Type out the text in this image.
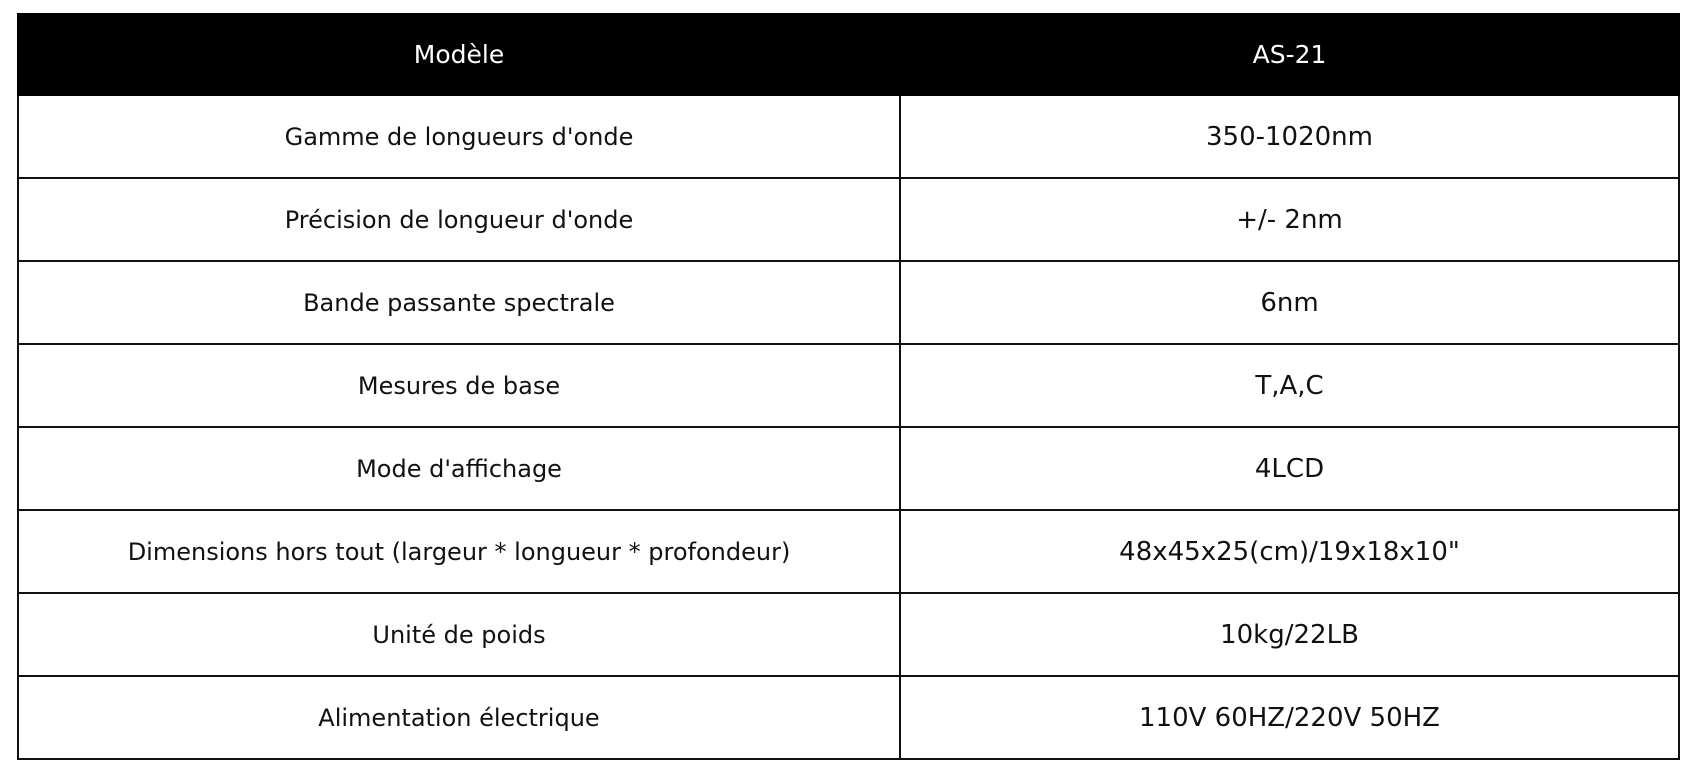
Modèle	AS-21
Gamme de longueurs d'onde	350-1020nm
Précision de longueur d'onde	+/- 2nm
Bande passante spectrale	6nm
Mesures de base	T,A,C
Mode d'affichage	4LCD
Dimensions hors tout (largeur * longueur * profondeur)	48x45x25(cm)/19x18x10"
Unité de poids	10kg/22LB
Alimentation électrique	110V 60HZ/220V 50HZ
